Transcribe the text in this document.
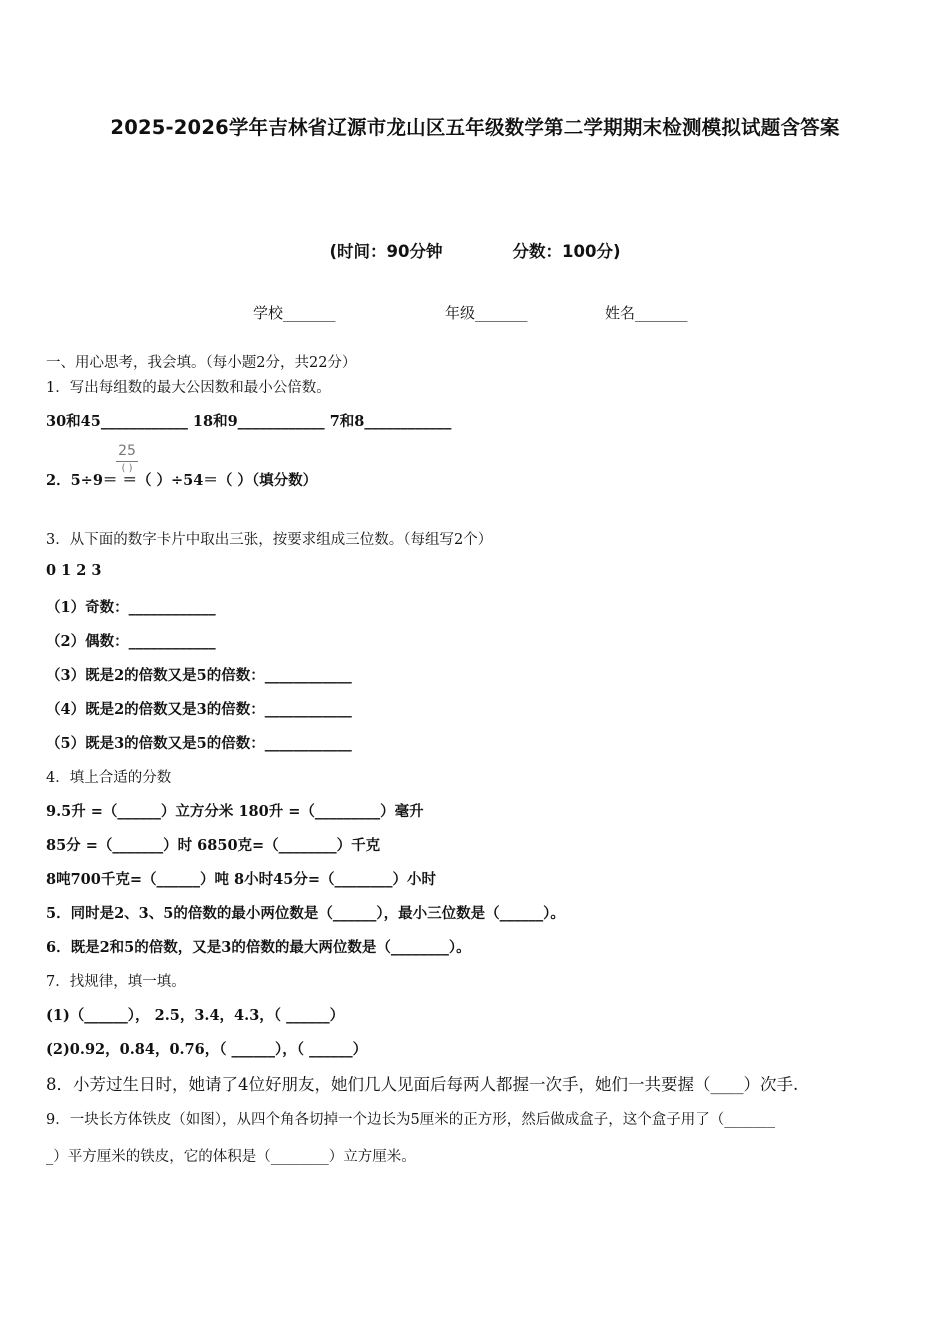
2025-2026学年吉林省辽源市龙山区五年级数学第二学期期末检测模拟试题含答案
(时间：90分钟	分数：100分)
学校_______	年级_______	姓名_______
一、用心思考，我会填。（每小题2分，共22分）
1．写出每组数的最大公因数和最小公倍数。
30和45____________ 18和9____________ 7和8____________
25
( )
2．5÷9＝ ＝（ ）÷54＝（ ）（填分数）
3．从下面的数字卡片中取出三张，按要求组成三位数。（每组写2个）
0 1 2 3
（1）奇数：____________
（2）偶数：____________
（3）既是2的倍数又是5的倍数：____________
（4）既是2的倍数又是3的倍数：____________
（5）既是3的倍数又是5的倍数：____________
4．填上合适的分数
9.5升 =（______）立方分米 180升 =（_________）毫升
85分 =（_______）时 6850克=（________）千克
8吨700千克=（______）吨 8小时45分=（________）小时
5．同时是2、3、5的倍数的最小两位数是（______），最小三位数是（______）。
6．既是2和5的倍数，又是3的倍数的最大两位数是（________）。
7．找规律，填一填。
(1)（______）， 2.5，3.4，4.3，（ ______）
(2)0.92，0.84，0.76，（ ______），（ ______）
8．小芳过生日时，她请了4位好朋友，她们几人见面后每两人都握一次手，她们一共要握（____）次手.
9．一块长方体铁皮（如图），从四个角各切掉一个边长为5厘米的正方形，然后做成盒子，这个盒子用了（_______
_）平方厘米的铁皮，它的体积是（________）立方厘米。
